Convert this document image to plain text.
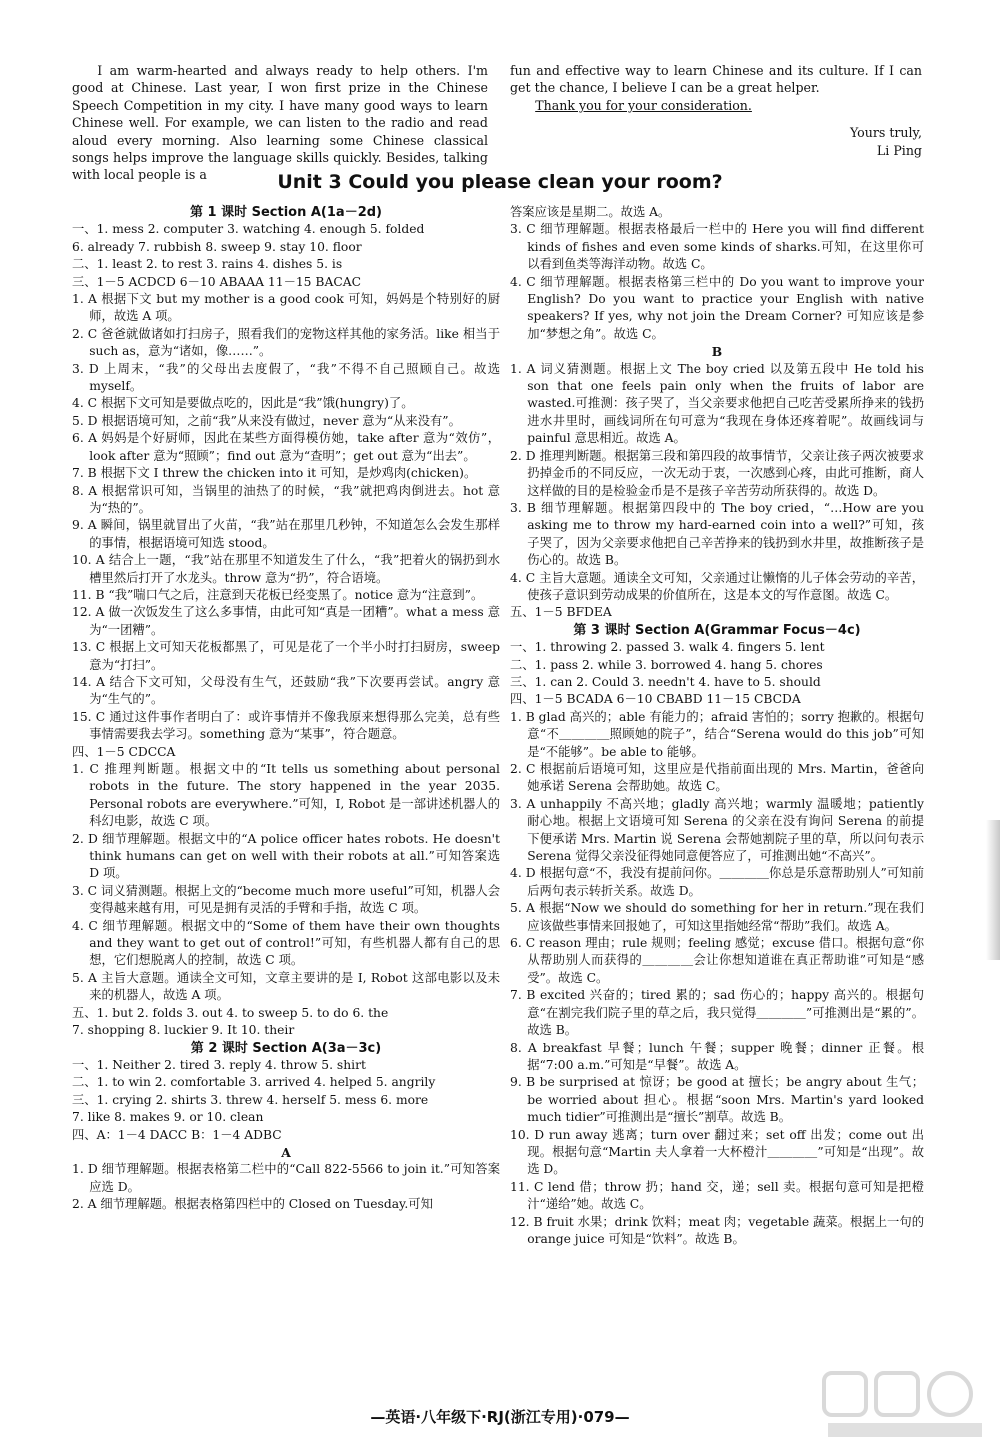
I am warm-hearted and always ready to help others. I'm good at Chinese. Last year, I won first prize in the Chinese Speech Competition in my city. I have many good ways to learn Chinese well. For example, we can listen to the radio and read aloud every morning. Also learning some Chinese classical songs helps improve the language skills quickly. Besides, talking with local people is a

fun and effective way to learn Chinese and its culture. If I can get the chance, I believe I can be a great helper.

Thank you for your consideration.

Yours truly,

Li Ping

Unit 3 Could you please clean your room?

第 1 课时 Section A(1a－2d)

一、1. mess 2. computer 3. watching 4. enough 5. folded

6. already 7. rubbish 8. sweep 9. stay 10. floor

二、1. least 2. to rest 3. rains 4. dishes 5. is

三、1－5 ACDCD 6－10 ABAAA 11－15 BACAC

1. A 根据下文 but my mother is a good cook 可知，妈妈是个特别好的厨师，故选 A 项。

2. C 爸爸就做诸如打扫房子，照看我们的宠物这样其他的家务活。like 相当于 such as，意为“诸如，像……”。

3. D 上周末，“我”的父母出去度假了，“我”不得不自己照顾自己。故选 myself。

4. C 根据下文可知是要做点吃的，因此是“我”饿(hungry)了。

5. D 根据语境可知，之前“我”从来没有做过，never 意为“从来没有”。

6. A 妈妈是个好厨师，因此在某些方面得模仿她，take after 意为“效仿”，look after 意为“照顾”；find out 意为“查明”；get out 意为“出去”。

7. B 根据下文 I threw the chicken into it 可知，是炒鸡肉(chicken)。

8. A 根据常识可知，当锅里的油热了的时候，“我”就把鸡肉倒进去。hot 意为“热的”。

9. A 瞬间，锅里就冒出了火苗，“我”站在那里几秒钟，不知道怎么会发生那样的事情，根据语境可知选 stood。

10. A 结合上一题，“我”站在那里不知道发生了什么，“我”把着火的锅扔到水槽里然后打开了水龙头。throw 意为“扔”，符合语境。

11. B “我”喘口气之后，注意到天花板已经变黑了。notice 意为“注意到”。

12. A 做一次饭发生了这么多事情，由此可知“真是一团糟”。what a mess 意为“一团糟”。

13. C 根据上文可知天花板都黑了，可见是花了一个半小时打扫厨房，sweep 意为“打扫”。

14. A 结合下文可知，父母没有生气，还鼓励“我”下次要再尝试。angry 意为“生气的”。

15. C 通过这件事作者明白了：或许事情并不像我原来想得那么完美，总有些事情需要我去学习。something 意为“某事”，符合题意。

四、1－5 CDCCA

1. C 推理判断题。根据文中的“It tells us something about personal robots in the future. The story happened in the year 2035. Personal robots are everywhere.”可知，I, Robot 是一部讲述机器人的科幻电影，故选 C 项。

2. D 细节理解题。根据文中的“A police officer hates robots. He doesn't think humans can get on well with their robots at all.”可知答案选 D 项。

3. C 词义猜测题。根据上文的“become much more useful”可知，机器人会变得越来越有用，可见是拥有灵活的手臂和手指，故选 C 项。

4. C 细节理解题。根据文中的“Some of them have their own thoughts and they want to get out of control!”可知，有些机器人都有自己的思想，它们想脱离人的控制，故选 C 项。

5. A 主旨大意题。通读全文可知，文章主要讲的是 I, Robot 这部电影以及未来的机器人，故选 A 项。

五、1. but 2. folds 3. out 4. to sweep 5. to do 6. the

7. shopping 8. luckier 9. It 10. their

第 2 课时 Section A(3a－3c)

一、1. Neither 2. tired 3. reply 4. throw 5. shirt

二、1. to win 2. comfortable 3. arrived 4. helped 5. angrily

三、1. crying 2. shirts 3. threw 4. herself 5. mess 6. more

7. like 8. makes 9. or 10. clean

四、A：1－4 DACC B：1－4 ADBC

A

1. D 细节理解题。根据表格第二栏中的“Call 822-5566 to join it.”可知答案应选 D。

2. A 细节理解题。根据表格第四栏中的 Closed on Tuesday.可知

答案应该是星期二。故选 A。

3. C 细节理解题。根据表格最后一栏中的 Here you will find different kinds of fishes and even some kinds of sharks.可知，在这里你可以看到鱼类等海洋动物。故选 C。

4. C 细节理解题。根据表格第三栏中的 Do you want to improve your English? Do you want to practice your English with native speakers? If yes, why not join the Dream Corner? 可知应该是参加“梦想之角”。故选 C。

B

1. A 词义猜测题。根据上文 The boy cried 以及第五段中 He told his son that one feels pain only when the fruits of labor are wasted.可推测：孩子哭了，当父亲要求他把自己吃苦受累所挣来的钱扔进水井里时，画线词所在句可意为“我现在身体还疼着呢”。故画线词与 painful 意思相近。故选 A。

2. D 推理判断题。根据第三段和第四段的故事情节，父亲让孩子两次被要求扔掉金币的不同反应，一次无动于衷，一次感到心疼，由此可推断，商人这样做的目的是检验金币是不是孩子辛苦劳动所获得的。故选 D。

3. B 细节理解题。根据第四段中的 The boy cried，“…How are you asking me to throw my hard-earned coin into a well?”可知，孩子哭了，因为父亲要求他把自己辛苦挣来的钱扔到水井里，故推断孩子是伤心的。故选 B。

4. C 主旨大意题。通读全文可知，父亲通过让懒惰的儿子体会劳动的辛苦，使孩子意识到劳动成果的价值所在，这是本文的写作意图。故选 C。

五、1－5 BFDEA

第 3 课时 Section A(Grammar Focus－4c)

一、1. throwing 2. passed 3. walk 4. fingers 5. lent

二、1. pass 2. while 3. borrowed 4. hang 5. chores

三、1. can 2. Could 3. needn't 4. have to 5. should

四、1－5 BCADA 6－10 CBABD 11－15 CBCDA

1. B glad 高兴的；able 有能力的；afraid 害怕的；sorry 抱歉的。根据句意“不＿＿＿＿照顾她的院子”，结合“Serena would do this job”可知是“不能够”。be able to 能够。

2. C 根据前后语境可知，这里应是代指前面出现的 Mrs. Martin，爸爸向她承诺 Serena 会帮助她。故选 C。

3. A unhappily 不高兴地；gladly 高兴地；warmly 温暖地；patiently 耐心地。根据上文语境可知 Serena 的父亲在没有询问 Serena 的前提下便承诺 Mrs. Martin 说 Serena 会帮她割院子里的草，所以问句表示 Serena 觉得父亲没征得她同意便答应了，可推测出她“不高兴”。

4. D 根据句意“不，我没有提前问你。＿＿＿＿你总是乐意帮助别人”可知前后两句表示转折关系。故选 D。

5. A 根据“Now we should do something for her in return.”现在我们应该做些事情来回报她了，可知这里指她经常“帮助”我们。故选 A。

6. C reason 理由；rule 规则；feeling 感觉；excuse 借口。根据句意“你从帮助别人而获得的＿＿＿＿会让你想知道谁在真正帮助谁”可知是“感受”。故选 C。

7. B excited 兴奋的；tired 累的；sad 伤心的；happy 高兴的。根据句意“在割完我们院子里的草之后，我只觉得＿＿＿＿”可推测出是“累的”。故选 B。

8. A breakfast 早餐；lunch 午餐；supper 晚餐；dinner 正餐。根据“7:00 a.m.”可知是“早餐”。故选 A。

9. B be surprised at 惊讶；be good at 擅长；be angry about 生气；be worried about 担心。根据“soon Mrs. Martin's yard looked much tidier”可推测出是“擅长”割草。故选 B。

10. D run away 逃离；turn over 翻过来；set off 出发；come out 出现。根据句意“Martin 夫人拿着一大杯橙汁＿＿＿＿”可知是“出现”。故选 D。

11. C lend 借；throw 扔；hand 交，递；sell 卖。根据句意可知是把橙汁“递给”她。故选 C。

12. B fruit 水果；drink 饮料；meat 肉；vegetable 蔬菜。根据上一句的 orange juice 可知是“饮料”。故选 B。

—英语·八年级下·RJ(浙江专用)·079—
